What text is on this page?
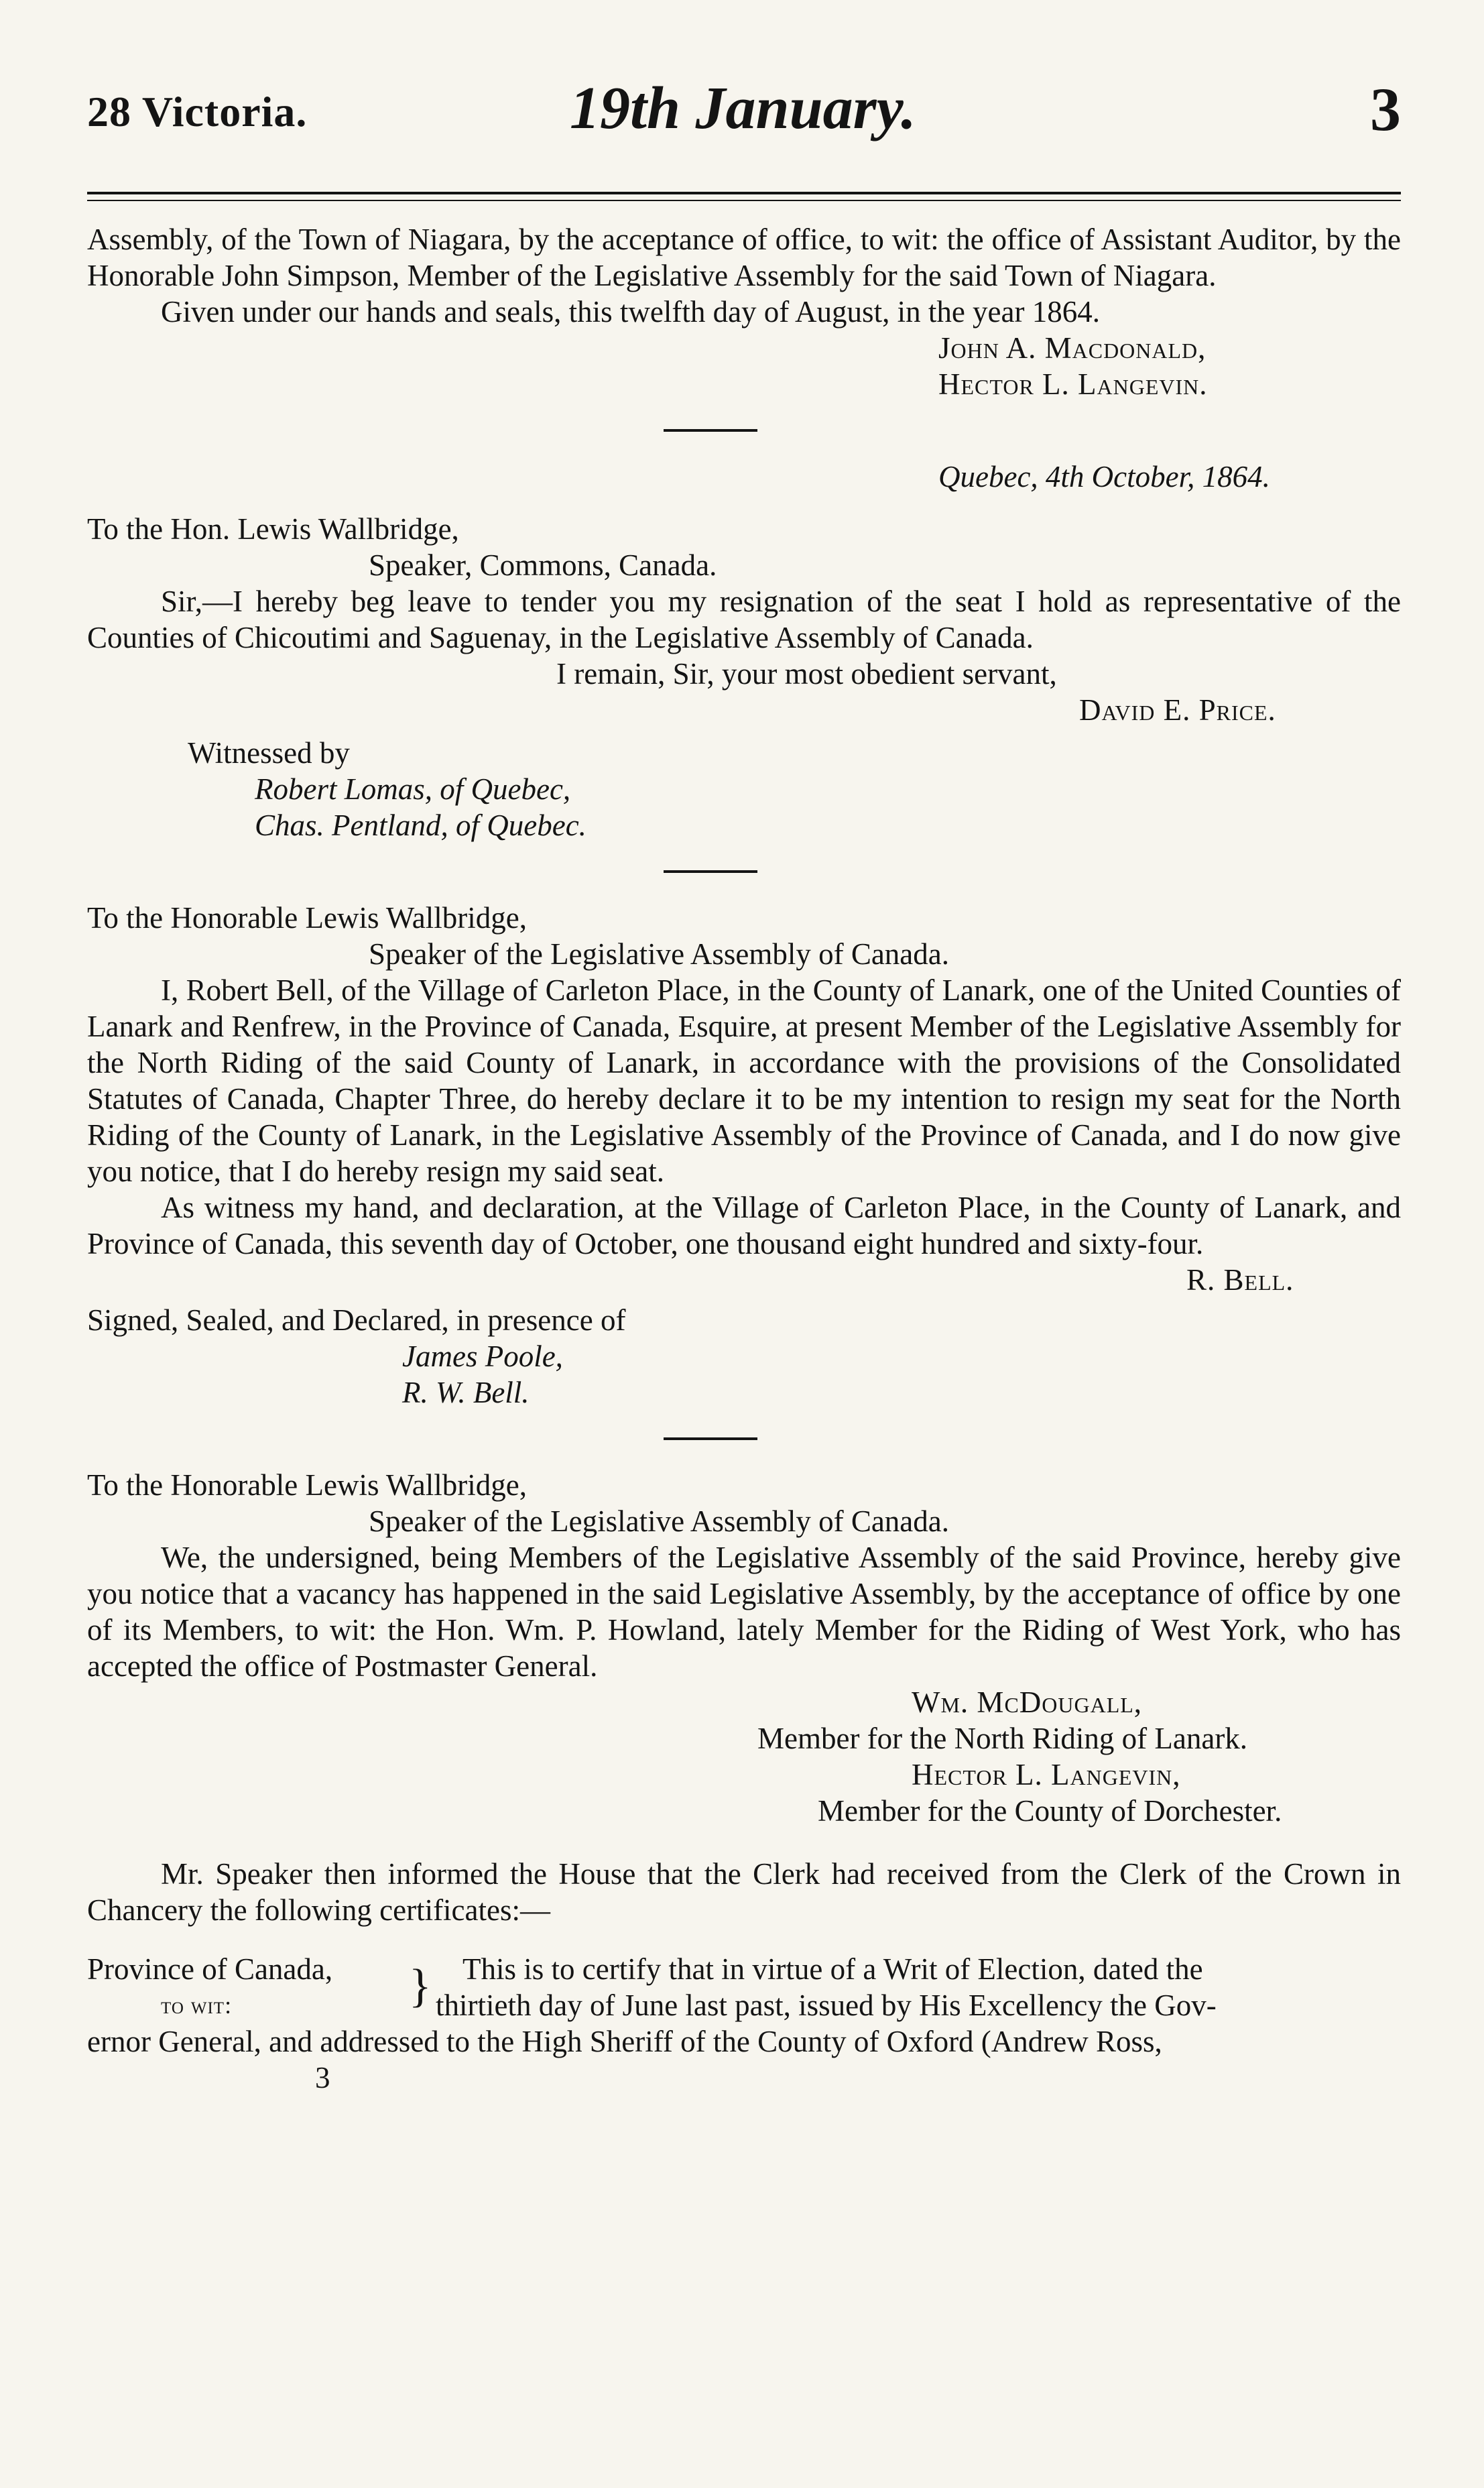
28 Victoria.	19th January.	3

Assembly, of the Town of Niagara, by the acceptance of office, to wit: the office of Assistant Auditor, by the Honorable John Simpson, Member of the Legislative Assembly for the said Town of Niagara.

Given under our hands and seals, this twelfth day of August, in the year 1864.
John A. Macdonald,
Hector L. Langevin.
Quebec, 4th October, 1864.
To the Hon. Lewis Wallbridge,
Speaker, Commons, Canada.

Sir,—I hereby beg leave to tender you my resignation of the seat I hold as representative of the Counties of Chicoutimi and Saguenay, in the Legislative Assembly of Canada.

I remain, Sir, your most obedient servant,
David E. Price.
Witnessed by
Robert Lomas, of Quebec,
Chas. Pentland, of Quebec.
To the Honorable Lewis Wallbridge,
Speaker of the Legislative Assembly of Canada.

I, Robert Bell, of the Village of Carleton Place, in the County of Lanark, one of the United Counties of Lanark and Renfrew, in the Province of Canada, Esquire, at present Member of the Legislative Assembly for the North Riding of the said County of Lanark, in accordance with the provisions of the Consolidated Statutes of Canada, Chapter Three, do hereby declare it to be my intention to resign my seat for the North Riding of the County of Lanark, in the Legislative Assembly of the Province of Canada, and I do now give you notice, that I do hereby resign my said seat.

As witness my hand, and declaration, at the Village of Carleton Place, in the County of Lanark, and Province of Canada, this seventh day of October, one thousand eight hundred and sixty-four.

R. Bell.
Signed, Sealed, and Declared, in presence of
James Poole,
R. W. Bell.
To the Honorable Lewis Wallbridge,
Speaker of the Legislative Assembly of Canada.

We, the undersigned, being Members of the Legislative Assembly of the said Province, hereby give you notice that a vacancy has happened in the said Legislative Assembly, by the acceptance of office by one of its Members, to wit: the Hon. Wm. P. Howland, lately Member for the Riding of West York, who has accepted the office of Postmaster General.

Wm. McDougall,
Member for the North Riding of Lanark.
Hector L. Langevin,
Member for the County of Dorchester.

Mr. Speaker then informed the House that the Clerk had received from the Clerk of the Crown in Chancery the following certificates:—

Province of Canada,
to wit:	} This is to certify that in virtue of a Writ of Election, dated the
thirtieth day of June last past, issued by His Excellency the Gov-
ernor General, and addressed to the High Sheriff of the County of Oxford (Andrew Ross,
3
